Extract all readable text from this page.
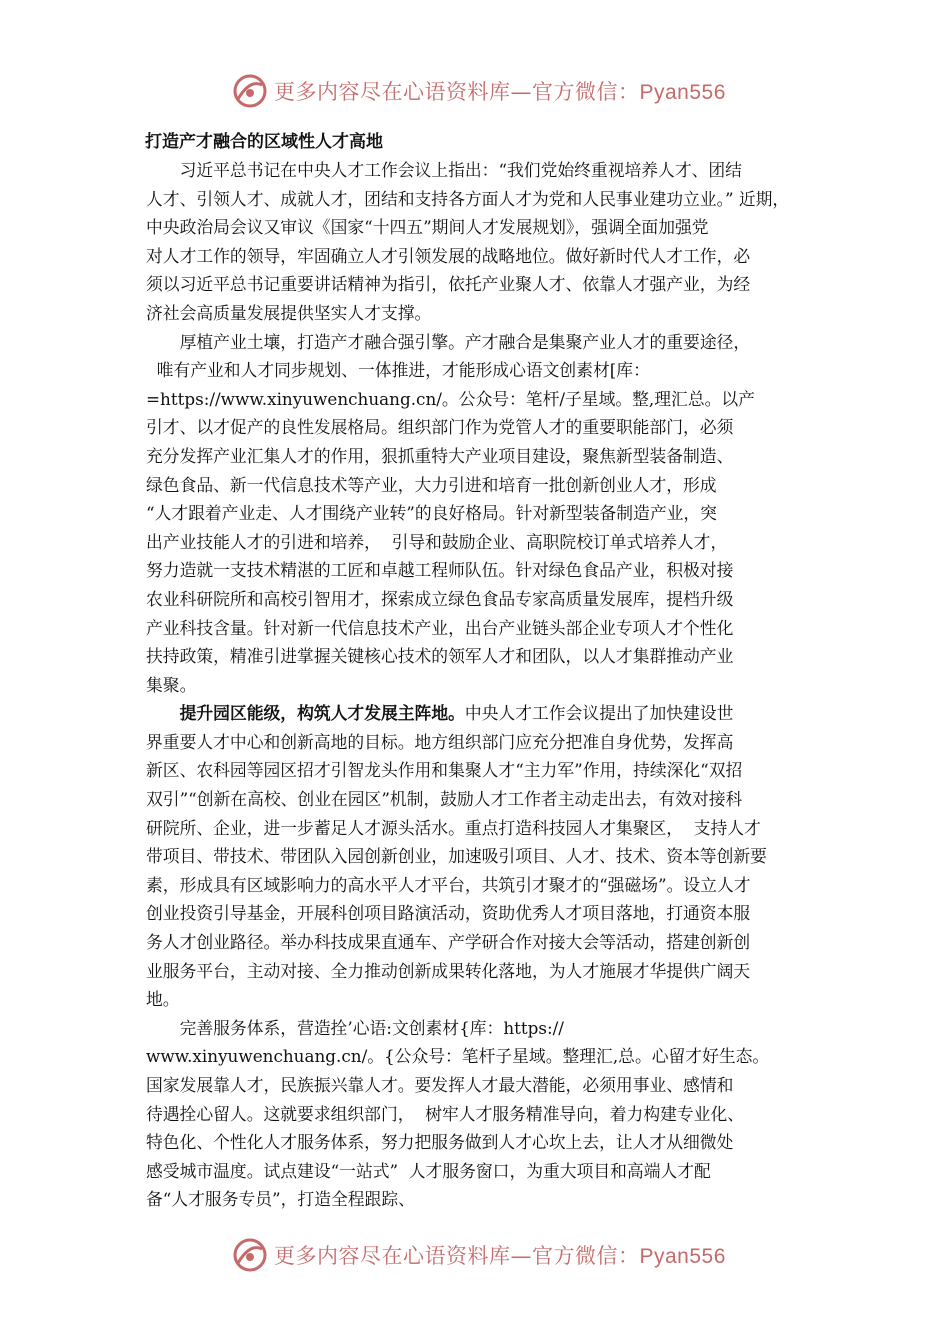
更多内容尽在心语资料库—官方微信：Pyan556
打造产才融合的区域性人才高地
习近平总书记在中央人才工作会议上指出：“我们党始终重视培养人才、团结
人才、引领人才、成就人才，团结和支持各方面人才为党和人民事业建功立业。” 近期，
中央政治局会议又审议《国家“十四五”期间人才发展规划》，强调全面加强党
对人才工作的领导，牢固确立人才引领发展的战略地位。做好新时代人才工作，必
须以习近平总书记重要讲话精神为指引，依托产业聚人才、依靠人才强产业，为经
济社会高质量发展提供坚实人才支撑。
厚植产业土壤，打造产才融合强引擎。产才融合是集聚产业人才的重要途径，
唯有产业和人才同步规划、一体推进，才能形成心语文创素材[库：
=https://www.xinyuwenchuang.cn/。公众号：笔杆/子星域。整,理汇总。以产
引才、以才促产的良性发展格局。组织部门作为党管人才的重要职能部门，必须
充分发挥产业汇集人才的作用，狠抓重特大产业项目建设，聚焦新型装备制造、
绿色食品、新一代信息技术等产业，大力引进和培育一批创新创业人才，形成
“人才跟着产业走、人才围绕产业转”的良好格局。针对新型装备制造产业，突
出产业技能人才的引进和培养，  引导和鼓励企业、高职院校订单式培养人才，
努力造就一支技术精湛的工匠和卓越工程师队伍。针对绿色食品产业，积极对接
农业科研院所和高校引智用才，探索成立绿色食品专家高质量发展库，提档升级
产业科技含量。针对新一代信息技术产业，出台产业链头部企业专项人才个性化
扶持政策，精准引进掌握关键核心技术的领军人才和团队，以人才集群推动产业
集聚。
提升园区能级，构筑人才发展主阵地。中央人才工作会议提出了加快建设世
界重要人才中心和创新高地的目标。地方组织部门应充分把准自身优势，发挥高
新区、农科园等园区招才引智龙头作用和集聚人才“主力军”作用，持续深化“双招
双引”“创新在高校、创业在园区”机制，鼓励人才工作者主动走出去，有效对接科
研院所、企业，进一步蓄足人才源头活水。重点打造科技园人才集聚区，  支持人才
带项目、带技术、带团队入园创新创业，加速吸引项目、人才、技术、资本等创新要
素，形成具有区域影响力的高水平人才平台，共筑引才聚才的“强磁场”。设立人才
创业投资引导基金，开展科创项目路演活动，资助优秀人才项目落地，打通资本服
务人才创业路径。举办科技成果直通车、产学研合作对接大会等活动，搭建创新创
业服务平台，主动对接、全力推动创新成果转化落地，为人才施展才华提供广阔天
地。
完善服务体系，营造拴’心语:文创素材{库：https://
www.xinyuwenchuang.cn/。{公众号：笔杆子星域。整理汇,总。心留才好生态。
国家发展靠人才，民族振兴靠人才。要发挥人才最大潜能，必须用事业、感情和
待遇拴心留人。这就要求组织部门，  树牢人才服务精准导向，着力构建专业化、
特色化、个性化人才服务体系，努力把服务做到人才心坎上去，让人才从细微处
感受城市温度。试点建设“一站式”  人才服务窗口，为重大项目和高端人才配
备“人才服务专员”，打造全程跟踪、
更多内容尽在心语资料库—官方微信：Pyan556
